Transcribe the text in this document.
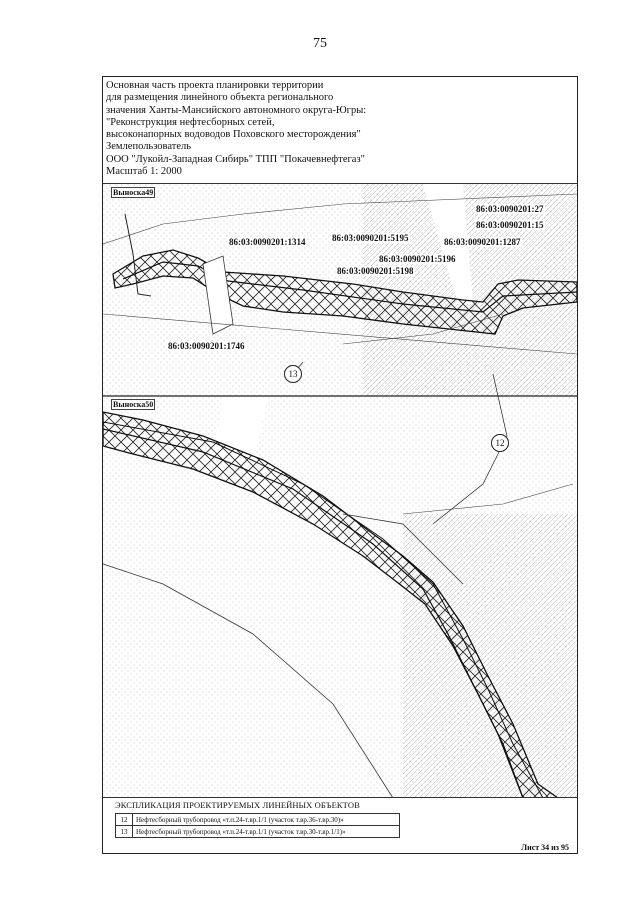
75
Основная часть проекта планировки территории
для размещения линейного объекта регионального
значения Ханты-Мансийского автономного округа-Югры:
"Реконструкция нефтесборных сетей,
высоконапорных водоводов Поховского месторождения"
Землепользователь
ООО "Лукойл-Западная Сибирь" ТПП "Покачевнефтегаз"
Масштаб 1: 2000
Выноска49
Выноска50
86:03:0090201:27
86:03:0090201:15
86:03:0090201:1314	86:03:0090201:5195	86:03:0090201:1287
86:03:0090201:5196
86:03:0090201:5198
86:03:0090201:1746
13
12
ЭКСПЛИКАЦИЯ ПРОЕКТИРУЕМЫХ ЛИНЕЙНЫХ ОБЪЕКТОВ
12	Нефтесборный трубопровод «т.п.24-т.вр.1/1 (участок т.вр.36-т.вр.30)»
13	Нефтесборный трубопровод «т.п.24-т.вр.1/1 (участок т.вр.30-т.вр.1/1)»
Лист 34 из 95
